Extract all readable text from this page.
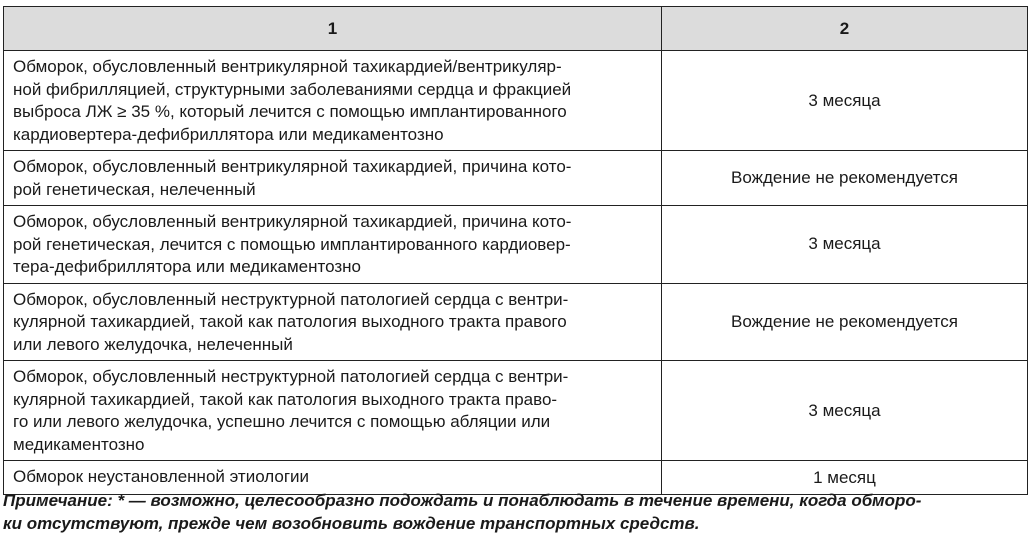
1	2

Обморок, обусловленный вентрикулярной тахикардией/вентрикуляр-
ной фибрилляцией, структурными заболеваниями сердца и фракцией
выброса ЛЖ ≥ 35 %, который лечится с помощью имплантированного
кардиовертера-дефибриллятора или медикаментозно	3 месяца

Обморок, обусловленный вентрикулярной тахикардией, причина кото-
рой генетическая, нелеченный	Вождение не рекомендуется

Обморок, обусловленный вентрикулярной тахикардией, причина кото-
рой генетическая, лечится с помощью имплантированного кардиовер-
тера-дефибриллятора или медикаментозно	3 месяца

Обморок, обусловленный неструктурной патологией сердца с вентри-
кулярной тахикардией, такой как патология выходного тракта правого
или левого желудочка, нелеченный	Вождение не рекомендуется

Обморок, обусловленный неструктурной патологией сердца с вентри-
кулярной тахикардией, такой как патология выходного тракта право-
го или левого желудочка, успешно лечится с помощью абляции или
медикаментозно	3 месяца

Обморок неустановленной этиологии	1 месяц
Примечание: * — возможно, целесообразно подождать и понаблюдать в течение времени, когда обморо-
ки отсутствуют, прежде чем возобновить вождение транспортных средств.
